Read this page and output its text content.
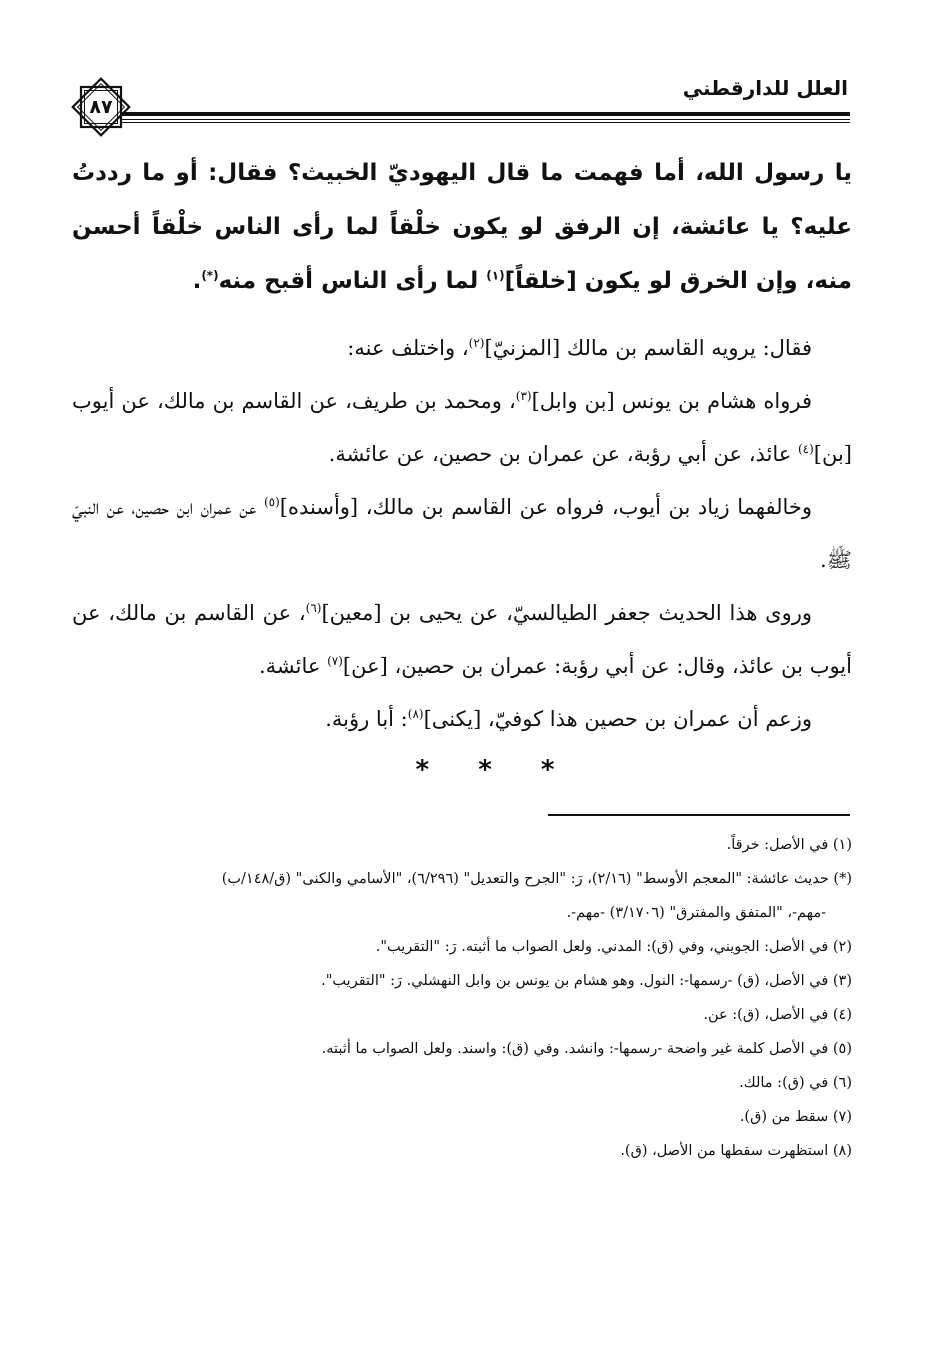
العلل للدارقطني
٨٧

يا رسول الله، أما فهمت ما قال اليهوديّ الخبيث؟ فقال: أو ما رددتُ عليه؟ يا عائشة، إن الرفق لو يكون خلْقاً لما رأى الناس خلْقاً أحسن منه، وإن الخرق لو يكون [خلقاً]$^{(١)}$ لما رأى الناس أقبح منه(*).

فقال: يرويه القاسم بن مالك [المزنيّ]$^{(٢)}$، واختلف عنه:

فرواه هشام بن يونس [بن وابل]$^{(٣)}$، ومحمد بن طريف، عن القاسم بن مالك، عن أيوب [بن]$^{(٤)}$ عائذ، عن أبي رؤبة، عن عمران بن حصين، عن عائشة.

وخالفهما زياد بن أيوب، فرواه عن القاسم بن مالك، [وأسنده]$^{(٥)}$ عن عمران ابن حصين، عن النبيّ ﷺ.

وروى هذا الحديث جعفر الطيالسيّ، عن يحيى بن [معين]$^{(٦)}$، عن القاسم بن مالك، عن أيوب بن عائذ، وقال: عن أبي رؤبة: عمران بن حصين، [عن]$^{(٧)}$ عائشة.

وزعم أن عمران بن حصين هذا كوفيّ، [يكنى]$^{(٨)}$: أبا رؤبة.

* * *

(١) في الأصل: خرقاً.

(*) حديث عائشة: "المعجم الأوسط" (٢/١٦)، رَ: "الجرح والتعديل" (٦/٢٩٦)، "الأسامي والكنى" (ق/١٤٨/ب)
-مهم-، "المتفق والمفترق" (٣/١٧٠٦) -مهم-.

(٢) في الأصل: الجويني، وفي (ق): المدني. ولعل الصواب ما أثبته. رَ: "التقريب".

(٣) في الأصل، (ق) -رسمها-: النول. وهو هشام بن يونس بن وابل النهشلي. رَ: "التقريب".

(٤) في الأصل، (ق): عن.

(٥) في الأصل كلمة غير واضحة -رسمها-: وانشد. وفي (ق): واسند. ولعل الصواب ما أثبته.

(٦) في (ق): مالك.

(٧) سقط من (ق).

(٨) استظهرت سقطها من الأصل، (ق).
